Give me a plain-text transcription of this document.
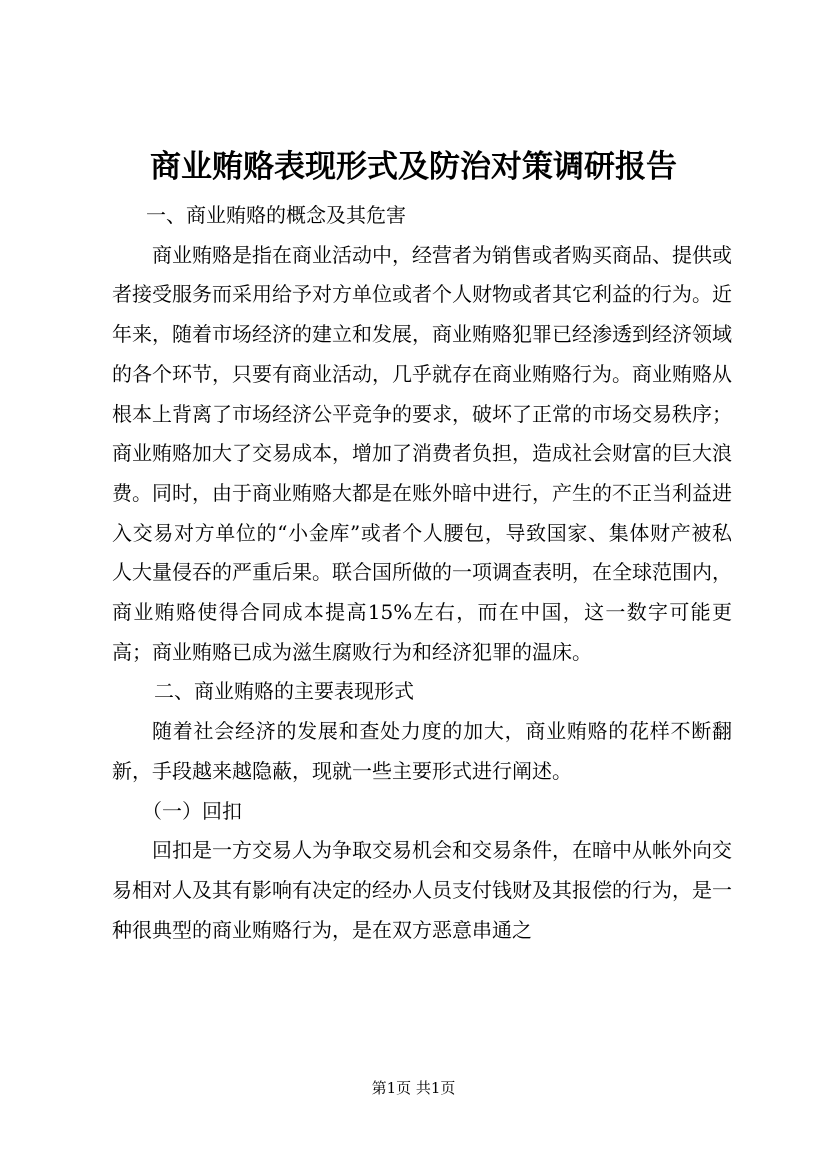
商业贿赂表现形式及防治对策调研报告

一、商业贿赂的概念及其危害

商业贿赂是指在商业活动中，经营者为销售或者购买商品、提供或者接受服务而采用给予对方单位或者个人财物或者其它利益的行为。近年来，随着市场经济的建立和发展，商业贿赂犯罪已经渗透到经济领域的各个环节，只要有商业活动，几乎就存在商业贿赂行为。商业贿赂从根本上背离了市场经济公平竞争的要求，破坏了正常的市场交易秩序；商业贿赂加大了交易成本，增加了消费者负担，造成社会财富的巨大浪费。同时，由于商业贿赂大都是在账外暗中进行，产生的不正当利益进入交易对方单位的“小金库”或者个人腰包，导致国家、集体财产被私人大量侵吞的严重后果。联合国所做的一项调查表明，在全球范围内，商业贿赂使得合同成本提高15%左右，而在中国，这一数字可能更高；商业贿赂已成为滋生腐败行为和经济犯罪的温床。

二、商业贿赂的主要表现形式

随着社会经济的发展和查处力度的加大，商业贿赂的花样不断翻新，手段越来越隐蔽，现就一些主要形式进行阐述。

（一）回扣

回扣是一方交易人为争取交易机会和交易条件，在暗中从帐外向交易相对人及其有影响有决定的经办人员支付钱财及其报偿的行为，是一种很典型的商业贿赂行为，是在双方恶意串通之

第1页 共1页
